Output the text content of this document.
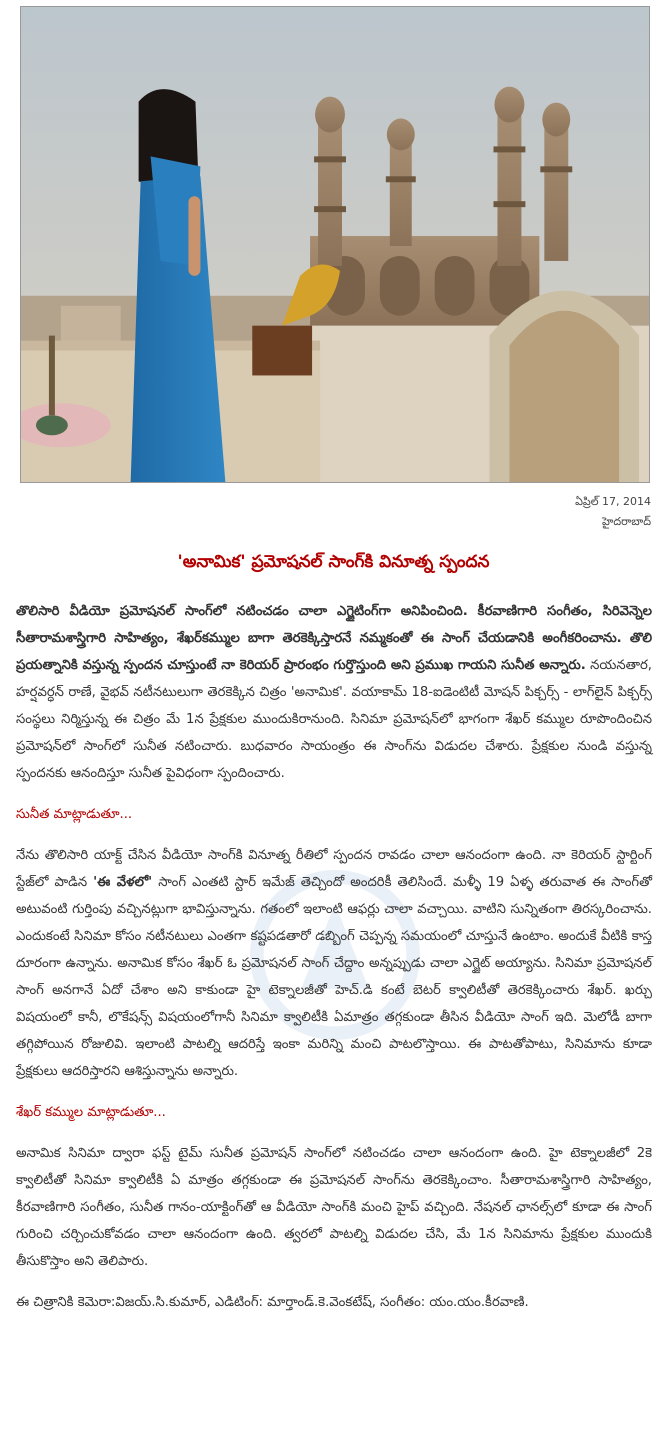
ఏప్రిల్ 17, 2014
హైదరాబాద్
'అనామిక' ప్రమోషనల్ సాంగ్‌కి వినూత్న స్పందన

తొలిసారి వీడియో ప్రమోషనల్ సాంగ్‌లో నటించడం చాలా ఎగ్జైటింగ్‌గా అనిపించింది. కీరవాణిగారి సంగీతం, సిరివెన్నెల సీతారామశాస్త్రిగారి సాహిత్యం, శేఖర్‌కమ్ముల బాగా తెరకెక్కిస్తారనే నమ్మకంతో ఈ సాంగ్ చేయడానికి అంగీకరించాను. తొలి ప్రయత్నానికి వస్తున్న స్పందన చూస్తుంటే నా కెరియర్ ప్రారంభం గుర్తొస్తుంది అని ప్రముఖ గాయని సునీత అన్నారు. నయనతార, హర్షవర్ధన్ రాణే, వైభవ్ నటీనటులుగా తెరకెక్కిన చిత్రం 'అనామిక'. వయాకామ్ 18-ఐడెంటిటీ మోషన్ పిక్చర్స్ - లాగ్‌లైన్ పిక్చర్స్ సంస్థలు నిర్మిస్తున్న ఈ చిత్రం మే 1న ప్రేక్షకుల ముందుకిరానుంది. సినిమా ప్రమోషన్‌లో భాగంగా శేఖర్ కమ్ముల రూపొందించిన ప్రమోషన్‌లో సాంగ్‌లో సునీత నటించారు. బుధవారం సాయంత్రం ఈ సాంగ్‌ను విడుదల చేశారు. ప్రేక్షకుల నుండి వస్తున్న స్పందనకు ఆనందిస్తూ సునీత పైవిధంగా స్పందించారు.

సునీత మాట్లాడుతూ...

నేను తొలిసారి యాక్ట్ చేసిన వీడియో సాంగ్‌కి వినూత్న రీతిలో స్పందన రావడం చాలా ఆనందంగా ఉంది. నా కెరియర్ స్టార్టింగ్ స్టేజ్‌లో పాడిన 'ఈ వేళలో' సాంగ్ ఎంతటి స్టార్ ఇమేజ్ తెచ్చిందో అందరికీ తెలిసిందే. మళ్ళీ 19 ఏళ్ళ తరువాత ఈ సాంగ్‌తో అటువంటి గుర్తింపు వచ్చినట్లుగా భావిస్తున్నాను. గతంలో ఇలాంటి ఆఫర్లు చాలా వచ్చాయి. వాటిని సున్నితంగా తిరస్కరించాను. ఎందుకంటే సినిమా కోసం నటీనటులు ఎంతగా కష్టపడతారో డబ్బింగ్ చెప్పన్న సమయంలో చూస్తునే ఉంటాం. అందుకే వీటికి కాస్త దూరంగా ఉన్నాను. అనామిక కోసం శేఖర్ ఓ ప్రమోషనల్ సాంగ్ చేద్దాం అన్నప్పుడు చాలా ఎగ్జైట్ అయ్యాను. సినిమా ప్రమోషనల్ సాంగ్ అనగానే ఏదో చేశాం అని కాకుండా హై టెక్నాలజీతో హెచ్.డి కంటే బెటర్ క్వాలిటీతో తెరకెక్కించారు శేఖర్. ఖర్చు విషయంలో కానీ, లొకేషన్స్ విషయంలోగానీ సినిమా క్వాలిటీకి ఏమాత్రం తగ్గకుండా తీసిన వీడియో సాంగ్ ఇది. మెలోడీ బాగా తగ్గిపోయిన రోజులివి. ఇలాంటి పాటల్ని ఆదరిస్తే ఇంకా మరిన్ని మంచి పాటలొస్తాయి. ఈ పాటతోపాటు, సినిమాను కూడా ప్రేక్షకులు ఆదరిస్తారని ఆశిస్తున్నాను అన్నారు.

శేఖర్ కమ్ముల మాట్లాడుతూ...

అనామిక సినిమా ద్వారా ఫస్ట్ టైమ్ సునీత ప్రమోషన్ సాంగ్‌లో నటించడం చాలా ఆనందంగా ఉంది. హై టెక్నాలజీలో 2కె క్వాలిటీతో సినిమా క్వాలిటీకి ఏ మాత్రం తగ్గకుండా ఈ ప్రమోషనల్ సాంగ్‌ను తెరకెక్కించాం. సీతారామశాస్త్రిగారి సాహిత్యం, కీరవాణిగారి సంగీతం, సునీత గానం-యాక్టింగ్‌తో ఆ వీడియో సాంగ్‌కి మంచి హైప్ వచ్చింది. నేషనల్ ఛానల్స్‌లో కూడా ఈ సాంగ్ గురించి చర్చించుకోవడం చాలా ఆనందంగా ఉంది. త్వరలో పాటల్ని విడుదల చేసి, మే 1న సినిమాను ప్రేక్షకుల ముందుకి తీసుకొస్తాం అని తెలిపారు.

ఈ చిత్రానికి కెమెరా:విజయ్.సి.కుమార్, ఎడిటింగ్: మార్తాండ్.కె.వెంకటేష్, సంగీతం: యం.యం.కీరవాణి.
